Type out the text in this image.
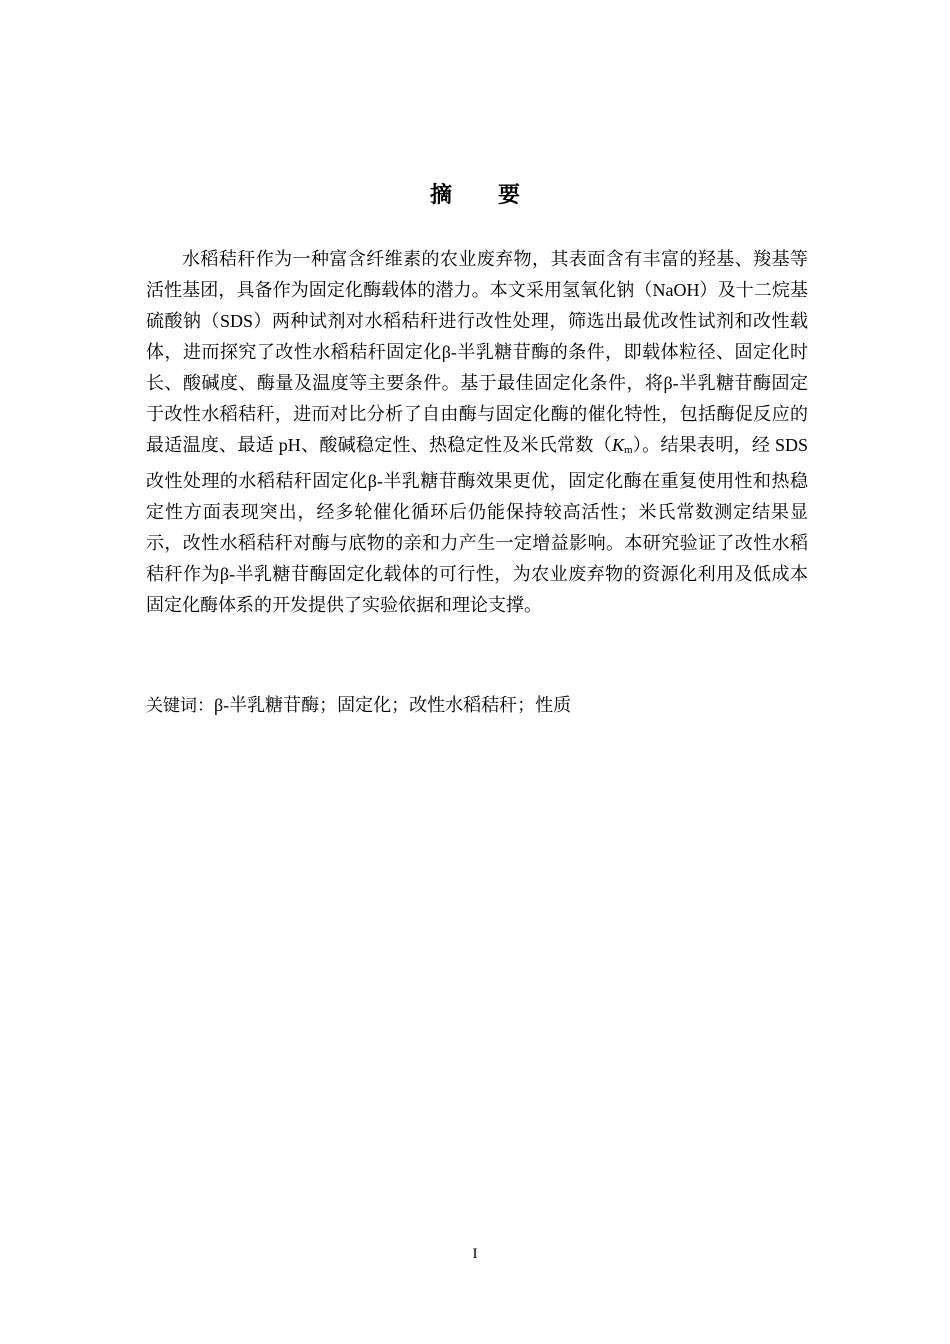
摘 要

水稻秸秆作为一种富含纤维素的农业废弃物，其表面含有丰富的羟基、羧基等活性基团，具备作为固定化酶载体的潜力。本文采用氢氧化钠（NaOH）及十二烷基硫酸钠（SDS）两种试剂对水稻秸秆进行改性处理，筛选出最优改性试剂和改性载体，进而探究了改性水稻秸秆固定化β-半乳糖苷酶的条件，即载体粒径、固定化时长、酸碱度、酶量及温度等主要条件。基于最佳固定化条件，将β-半乳糖苷酶固定于改性水稻秸秆，进而对比分析了自由酶与固定化酶的催化特性，包括酶促反应的最适温度、最适 pH、酸碱稳定性、热稳定性及米氏常数$(K_m)$。结果表明，经 SDS 改性处理的水稻秸秆固定化β-半乳糖苷酶效果更优，固定化酶在重复使用性和热稳定性方面表现突出，经多轮催化循环后仍能保持较高活性；米氏常数测定结果显示，改性水稻秸秆对酶与底物的亲和力产生一定增益影响。本研究验证了改性水稻秸秆作为β-半乳糖苷酶固定化载体的可行性，为农业废弃物的资源化利用及低成本固定化酶体系的开发提供了实验依据和理论支撑。

关键词：β-半乳糖苷酶；固定化；改性水稻秸秆；性质
I
